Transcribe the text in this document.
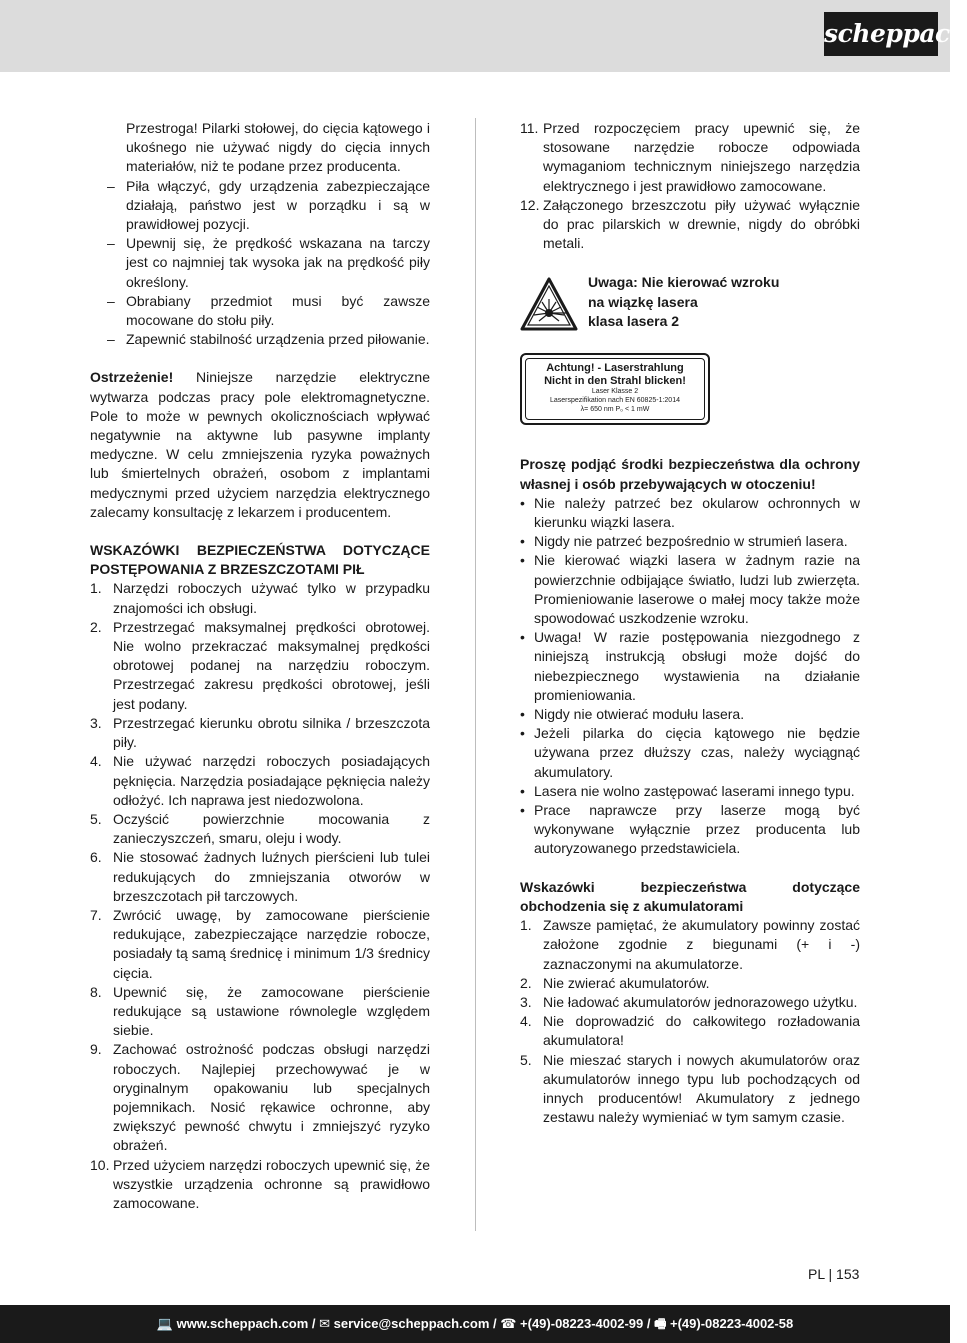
scheppach

Przestroga! Pilarki stołowej, do cięcia kątowego i ukośnego nie używać nigdy do cięcia innych materiałów, niż te podane przez producenta.

– Piła włączyć, gdy urządzenia zabezpieczające działają, państwo jest w porządku i są w prawidłowej pozycji.
– Upewnij się, że prędkość wskazana na tarczy jest co najmniej tak wysoka jak na prędkość piły określony.
– Obrabiany przedmiot musi być zawsze mocowane do stołu piły.
– Zapewnić stabilność urządzenia przed piłowanie.

Ostrzeżenie! Niniejsze narzędzie elektryczne wytwarza podczas pracy pole elektromagnetyczne. Pole to może w pewnych okolicznościach wpływać negatywnie na aktywne lub pasywne implanty medyczne. W celu zmniejszenia ryzyka poważnych lub śmiertelnych obrażeń, osobom z implantami medycznymi przed użyciem narzędzia elektrycznego zalecamy konsultację z lekarzem i producentem.

WSKAZÓWKI BEZPIECZEŃSTWA DOTYCZĄCE POSTĘPOWANIA Z BRZESZCZOTAMI PIŁ

1. Narzędzi roboczych używać tylko w przypadku znajomości ich obsługi.
2. Przestrzegać maksymalnej prędkości obrotowej. Nie wolno przekraczać maksymalnej prędkości obrotowej podanej na narzędziu roboczym. Przestrzegać zakresu prędkości obrotowej, jeśli jest podany.
3. Przestrzegać kierunku obrotu silnika / brzeszczota piły.
4. Nie używać narzędzi roboczych posiadających pęknięcia. Narzędzia posiadające pęknięcia należy odłożyć. Ich naprawa jest niedozwolona.
5. Oczyścić powierzchnie mocowania z zanieczyszczeń, smaru, oleju i wody.
6. Nie stosować żadnych luźnych pierścieni lub tulei redukujących do zmniejszania otworów w brzeszczotach pił tarczowych.
7. Zwrócić uwagę, by zamocowane pierścienie redukujące, zabezpieczające narzędzie robocze, posiadały tą samą średnicę i minimum 1/3 średnicy cięcia.
8. Upewnić się, że zamocowane pierścienie redukujące są ustawione równolegle względem siebie.
9. Zachować ostrożność podczas obsługi narzędzi roboczych. Najlepiej przechowywać je w oryginalnym opakowaniu lub specjalnych pojemnikach. Nosić rękawice ochronne, aby zwiększyć pewność chwytu i zmniejszyć ryzyko obrażeń.
10. Przed użyciem narzędzi roboczych upewnić się, że wszystkie urządzenia ochronne są prawidłowo zamocowane.
11. Przed rozpoczęciem pracy upewnić się, że stosowane narzędzie robocze odpowiada wymaganiom technicznym niniejszego narzędzia elektrycznego i jest prawidłowo zamocowane.
12. Załączonego brzeszczotu piły używać wyłącznie do prac pilarskich w drewnie, nigdy do obróbki metali.
Uwaga: Nie kierować wzroku
na wiązkę lasera
klasa lasera 2
Achtung! - Laserstrahlung
Nicht in den Strahl blicken!
Laser Klasse 2
Laserspezifikation nach EN 60825-1:2014
λ= 650 nm P₀ < 1 mW

Proszę podjąć środki bezpieczeństwa dla ochrony własnej i osób przebywających w otoczeniu!

• Nie należy patrzeć bez okularow ochronnych w kierunku wiązki lasera.
• Nigdy nie patrzeć bezpośrednio w strumień lasera.
• Nie kierować wiązki lasera w żadnym razie na powierzchnie odbijające światło, ludzi lub zwierzęta. Promieniowanie laserowe o małej mocy także może spowodować uszkodzenie wzroku.
• Uwaga! W razie postępowania niezgodnego z niniejszą instrukcją obsługi może dojść do niebezpiecznego wystawienia na działanie promieniowania.
• Nigdy nie otwierać modułu lasera.
• Jeżeli pilarka do cięcia kątowego nie będzie używana przez dłuższy czas, należy wyciągnąć akumulatory.
• Lasera nie wolno zastępować laserami innego typu.
• Prace naprawcze przy laserze mogą być wykonywane wyłącznie przez producenta lub autoryzowanego przedstawiciela.

Wskazówki bezpieczeństwa dotyczące obchodzenia się z akumulatorami

1. Zawsze pamiętać, że akumulatory powinny zostać założone zgodnie z biegunami (+ i -) zaznaczonymi na akumulatorze.
2. Nie zwierać akumulatorów.
3. Nie ładować akumulatorów jednorazowego użytku.
4. Nie doprowadzić do całkowitego rozładowania akumulatora!
5. Nie mieszać starych i nowych akumulatorów oraz akumulatorów innego typu lub pochodzących od innych producentów! Akumulatory z jednego zestawu należy wymieniać w tym samym czasie.
PL | 153
💻 www.scheppach.com / ✉ service@scheppach.com / ☎ +(49)-08223-4002-99 / 🖷 +(49)-08223-4002-58
